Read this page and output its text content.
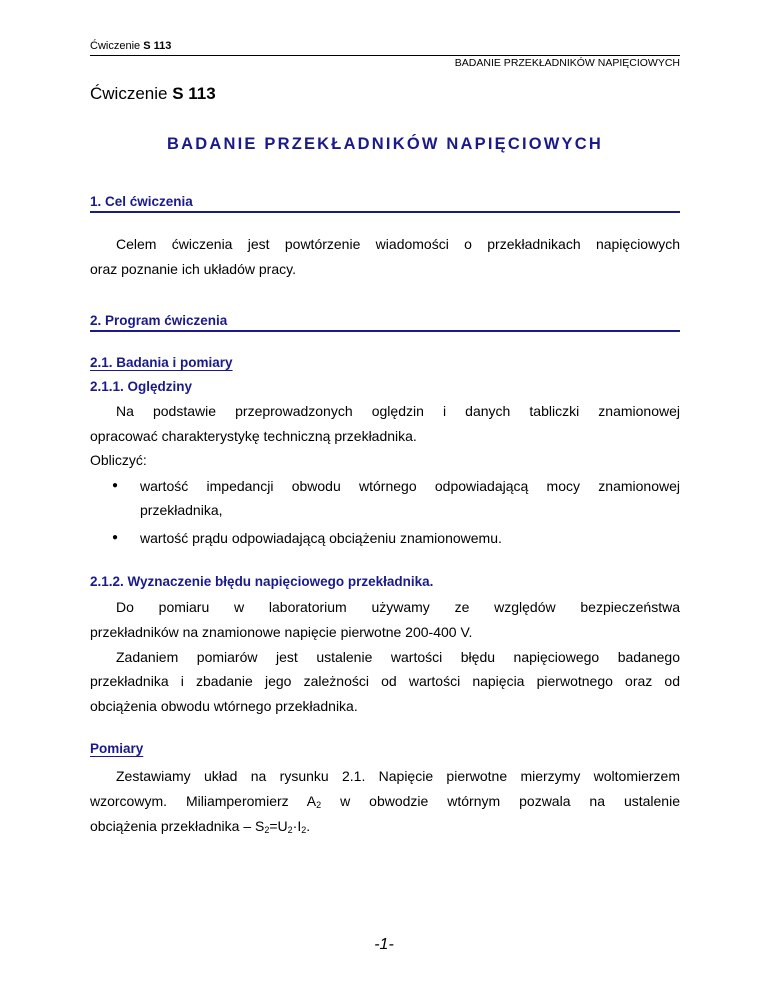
Ćwiczenie S 113
BADANIE PRZEKŁADNIKÓW NAPIĘCIOWYCH
Ćwiczenie S 113
BADANIE PRZEKŁADNIKÓW NAPIĘCIOWYCH
1. Cel ćwiczenia
Celem ćwiczenia jest powtórzenie wiadomości o przekładnikach napięciowych
oraz poznanie ich układów pracy.
2. Program ćwiczenia
2.1. Badania i pomiary
2.1.1. Oględziny
Na podstawie przeprowadzonych oględzin i danych tabliczki znamionowej
opracować charakterystykę techniczną przekładnika.
Obliczyć:
● wartość impedancji obwodu wtórnego odpowiadającą mocy znamionowej
przekładnika,
● wartość prądu odpowiadającą obciążeniu znamionowemu.
2.1.2. Wyznaczenie błędu napięciowego przekładnika.
Do pomiaru w laboratorium używamy ze względów bezpieczeństwa
przekładników na znamionowe napięcie pierwotne 200-400 V.
Zadaniem pomiarów jest ustalenie wartości błędu napięciowego badanego
przekładnika i zbadanie jego zależności od wartości napięcia pierwotnego oraz od
obciążenia obwodu wtórnego przekładnika.
Pomiary
Zestawiamy układ na rysunku 2.1. Napięcie pierwotne mierzymy woltomierzem
wzorcowym. Miliamperomierz $A_2$ w obwodzie wtórnym pozwala na ustalenie
obciążenia przekładnika – $S_2=U_2\cdot I_2$.
-1-
